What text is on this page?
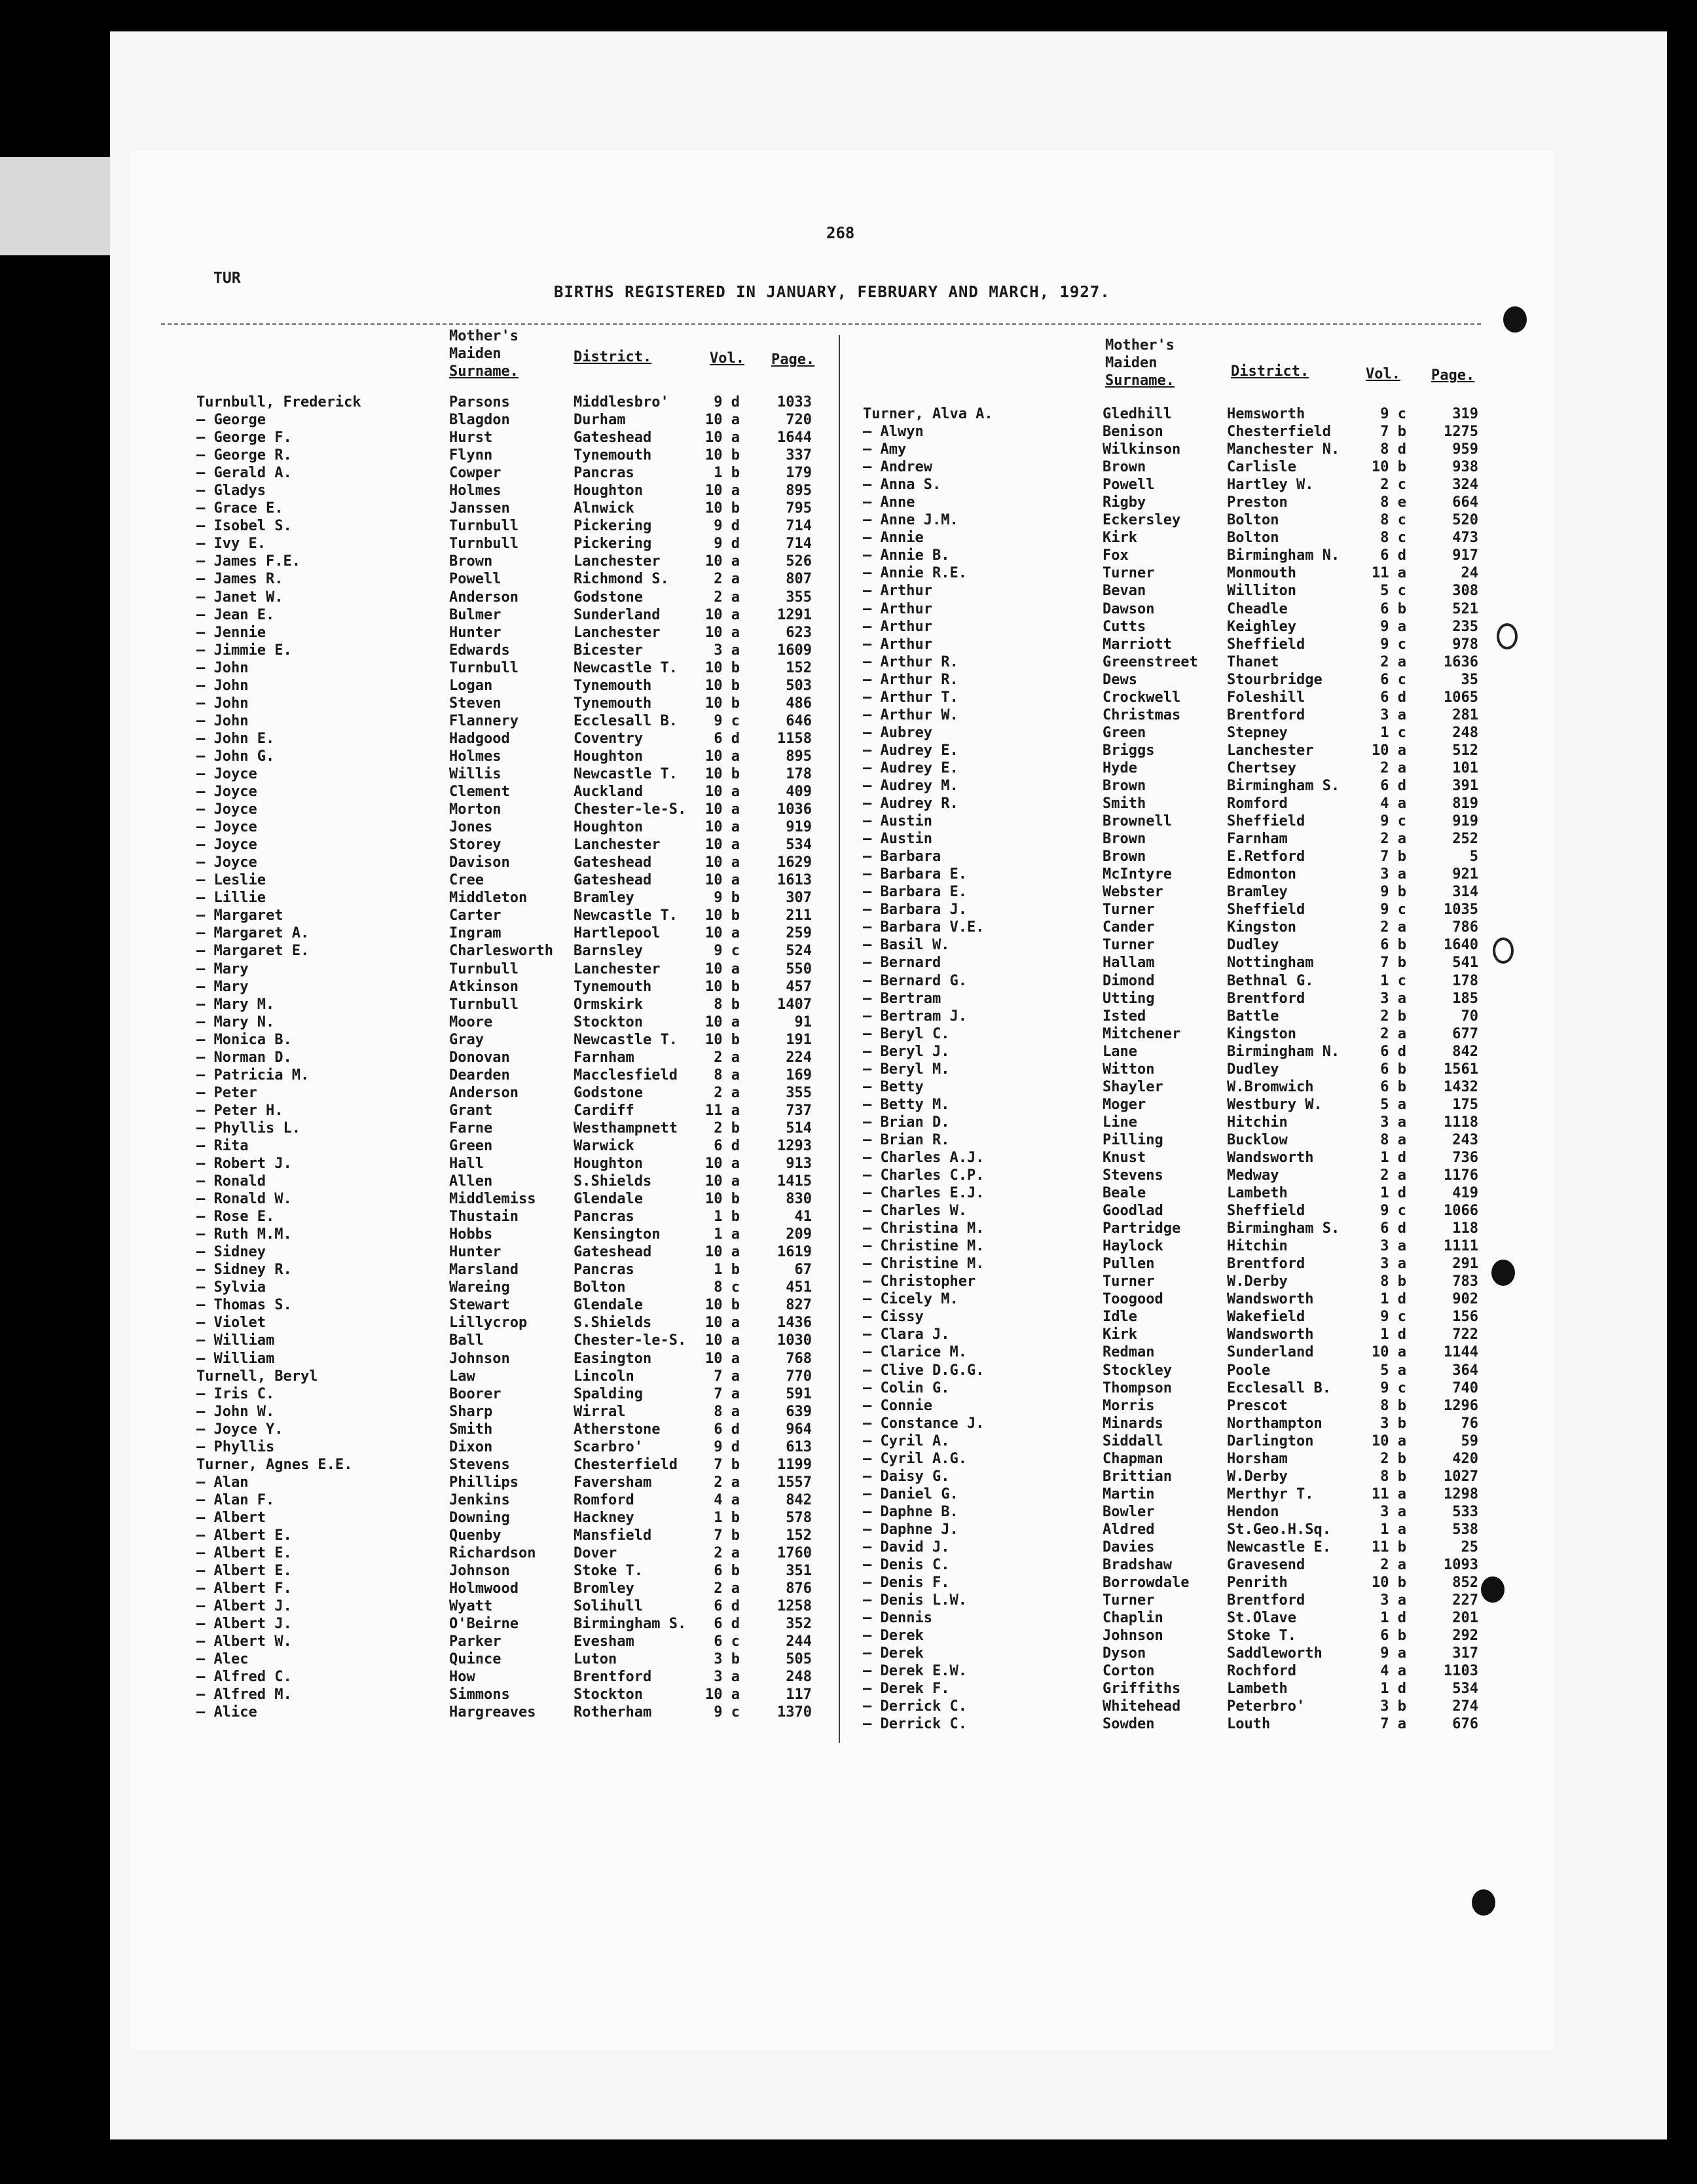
268
TUR
BIRTHS REGISTERED IN JANUARY, FEBRUARY AND MARCH, 1927.
Mother's
Maiden
Surname.
District.	Vol. Page.
Mother's
Maiden
Surname.
District.	Vol. Page.
Turnbull, Frederick	Parsons	Middlesbro'	9 d	1033
— George	Blagdon	Durham	10 a	720
— George F.	Hurst	Gateshead	10 a	1644
— George R.	Flynn	Tynemouth	10 b	337
— Gerald A.	Cowper	Pancras	1 b	179
— Gladys	Holmes	Houghton	10 a	895
— Grace E.	Janssen	Alnwick	10 b	795
— Isobel S.	Turnbull	Pickering	9 d	714
— Ivy E.	Turnbull	Pickering	9 d	714
— James F.E.	Brown	Lanchester	10 a	526
— James R.	Powell	Richmond S.	2 a	807
— Janet W.	Anderson	Godstone	2 a	355
— Jean E.	Bulmer	Sunderland	10 a	1291
— Jennie	Hunter	Lanchester	10 a	623
— Jimmie E.	Edwards	Bicester	3 a	1609
— John	Turnbull	Newcastle T. 10 b	152
— John	Logan	Tynemouth	10 b	503
— John	Steven	Tynemouth	10 b	486
— John	Flannery	Ecclesall B.	9 c	646
— John E.	Hadgood	Coventry	6 d	1158
— John G.	Holmes	Houghton	10 a	895
— Joyce	Willis	Newcastle T. 10 b	178
— Joyce	Clement	Auckland	10 a	409
— Joyce	Morton	Chester-le-S. 10 a	1036
— Joyce	Jones	Houghton	10 a	919
— Joyce	Storey	Lanchester	10 a	534
— Joyce	Davison	Gateshead	10 a	1629
— Leslie	Cree	Gateshead	10 a	1613
— Lillie	Middleton	Bramley	9 b	307
— Margaret	Carter	Newcastle T. 10 b	211
— Margaret A.	Ingram	Hartlepool	10 a	259
— Margaret E.	Charlesworth Barnsley	9 c	524
— Mary	Turnbull	Lanchester	10 a	550
— Mary	Atkinson	Tynemouth	10 b	457
— Mary M.	Turnbull	Ormskirk	8 b	1407
— Mary N.	Moore	Stockton	10 a	91
— Monica B.	Gray	Newcastle T. 10 b	191
— Norman D.	Donovan	Farnham	2 a	224
— Patricia M.	Dearden	Macclesfield	8 a	169
— Peter	Anderson	Godstone	2 a	355
— Peter H.	Grant	Cardiff	11 a	737
— Phyllis L.	Farne	Westhampnett	2 b	514
— Rita	Green	Warwick	6 d	1293
— Robert J.	Hall	Houghton	10 a	913
— Ronald	Allen	S.Shields	10 a	1415
— Ronald W.	Middlemiss	Glendale	10 b	830
— Rose E.	Thustain	Pancras	1 b	41
— Ruth M.M.	Hobbs	Kensington	1 a	209
— Sidney	Hunter	Gateshead	10 a	1619
— Sidney R.	Marsland	Pancras	1 b	67
— Sylvia	Wareing	Bolton	8 c	451
— Thomas S.	Stewart	Glendale	10 b	827
— Violet	Lillycrop	S.Shields	10 a	1436
— William	Ball	Chester-le-S. 10 a	1030
— William	Johnson	Easington	10 a	768
Turnell, Beryl	Law	Lincoln	7 a	770
— Iris C.	Boorer	Spalding	7 a	591
— John W.	Sharp	Wirral	8 a	639
— Joyce Y.	Smith	Atherstone	6 d	964
— Phyllis	Dixon	Scarbro'	9 d	613
Turner, Agnes E.E.	Stevens	Chesterfield	7 b	1199
— Alan	Phillips	Faversham	2 a	1557
— Alan F.	Jenkins	Romford	4 a	842
— Albert	Downing	Hackney	1 b	578
— Albert E.	Quenby	Mansfield	7 b	152
— Albert E.	Richardson	Dover	2 a	1760
— Albert E.	Johnson	Stoke T.	6 b	351
— Albert F.	Holmwood	Bromley	2 a	876
— Albert J.	Wyatt	Solihull	6 d	1258
— Albert J.	O'Beirne	Birmingham S. 6 d	352
— Albert W.	Parker	Evesham	6 c	244
— Alec	Quince	Luton	3 b	505
— Alfred C.	How	Brentford	3 a	248
— Alfred M.	Simmons	Stockton	10 a	117
— Alice	Hargreaves	Rotherham	9 c	1370
Turner, Alva A.	Gledhill	Hemsworth	9 c	319
— Alwyn	Benison	Chesterfield	7 b	1275
— Amy	Wilkinson	Manchester N.	8 d	959
— Andrew	Brown	Carlisle	10 b	938
— Anna S.	Powell	Hartley W.	2 c	324
— Anne	Rigby	Preston	8 e	664
— Anne J.M.	Eckersley	Bolton	8 c	520
— Annie	Kirk	Bolton	8 c	473
— Annie B.	Fox	Birmingham N.	6 d	917
— Annie R.E.	Turner	Monmouth	11 a	24
— Arthur	Bevan	Williton	5 c	308
— Arthur	Dawson	Cheadle	6 b	521
— Arthur	Cutts	Keighley	9 a	235
— Arthur	Marriott	Sheffield	9 c	978
— Arthur R.	Greenstreet Thanet	2 a	1636
— Arthur R.	Dews	Stourbridge	6 c	35
— Arthur T.	Crockwell	Foleshill	6 d	1065
— Arthur W.	Christmas	Brentford	3 a	281
— Aubrey	Green	Stepney	1 c	248
— Audrey E.	Briggs	Lanchester	10 a	512
— Audrey E.	Hyde	Chertsey	2 a	101
— Audrey M.	Brown	Birmingham S.	6 d	391
— Audrey R.	Smith	Romford	4 a	819
— Austin	Brownell	Sheffield	9 c	919
— Austin	Brown	Farnham	2 a	252
— Barbara	Brown	E.Retford	7 b	5
— Barbara E.	McIntyre	Edmonton	3 a	921
— Barbara E.	Webster	Bramley	9 b	314
— Barbara J.	Turner	Sheffield	9 c	1035
— Barbara V.E.	Cander	Kingston	2 a	786
— Basil W.	Turner	Dudley	6 b	1640
— Bernard	Hallam	Nottingham	7 b	541
— Bernard G.	Dimond	Bethnal G.	1 c	178
— Bertram	Utting	Brentford	3 a	185
— Bertram J.	Isted	Battle	2 b	70
— Beryl C.	Mitchener	Kingston	2 a	677
— Beryl J.	Lane	Birmingham N.	6 d	842
— Beryl M.	Witton	Dudley	6 b	1561
— Betty	Shayler	W.Bromwich	6 b	1432
— Betty M.	Moger	Westbury W.	5 a	175
— Brian D.	Line	Hitchin	3 a	1118
— Brian R.	Pilling	Bucklow	8 a	243
— Charles A.J.	Knust	Wandsworth	1 d	736
— Charles C.P.	Stevens	Medway	2 a	1176
— Charles E.J.	Beale	Lambeth	1 d	419
— Charles W.	Goodlad	Sheffield	9 c	1066
— Christina M.	Partridge	Birmingham S.	6 d	118
— Christine M.	Haylock	Hitchin	3 a	1111
— Christine M.	Pullen	Brentford	3 a	291
— Christopher	Turner	W.Derby	8 b	783
— Cicely M.	Toogood	Wandsworth	1 d	902
— Cissy	Idle	Wakefield	9 c	156
— Clara J.	Kirk	Wandsworth	1 d	722
— Clarice M.	Redman	Sunderland	10 a	1144
— Clive D.G.G.	Stockley	Poole	5 a	364
— Colin G.	Thompson	Ecclesall B.	9 c	740
— Connie	Morris	Prescot	8 b	1296
— Constance J.	Minards	Northampton	3 b	76
— Cyril A.	Siddall	Darlington	10 a	59
— Cyril A.G.	Chapman	Horsham	2 b	420
— Daisy G.	Brittian	W.Derby	8 b	1027
— Daniel G.	Martin	Merthyr T.	11 a	1298
— Daphne B.	Bowler	Hendon	3 a	533
— Daphne J.	Aldred	St.Geo.H.Sq.	1 a	538
— David J.	Davies	Newcastle E.	11 b	25
— Denis C.	Bradshaw	Gravesend	2 a	1093
— Denis F.	Borrowdale	Penrith	10 b	852
— Denis L.W.	Turner	Brentford	3 a	227
— Dennis	Chaplin	St.Olave	1 d	201
— Derek	Johnson	Stoke T.	6 b	292
— Derek	Dyson	Saddleworth	9 a	317
— Derek E.W.	Corton	Rochford	4 a	1103
— Derek F.	Griffiths	Lambeth	1 d	534
— Derrick C.	Whitehead	Peterbro'	3 b	274
— Derrick C.	Sowden	Louth	7 a	676
